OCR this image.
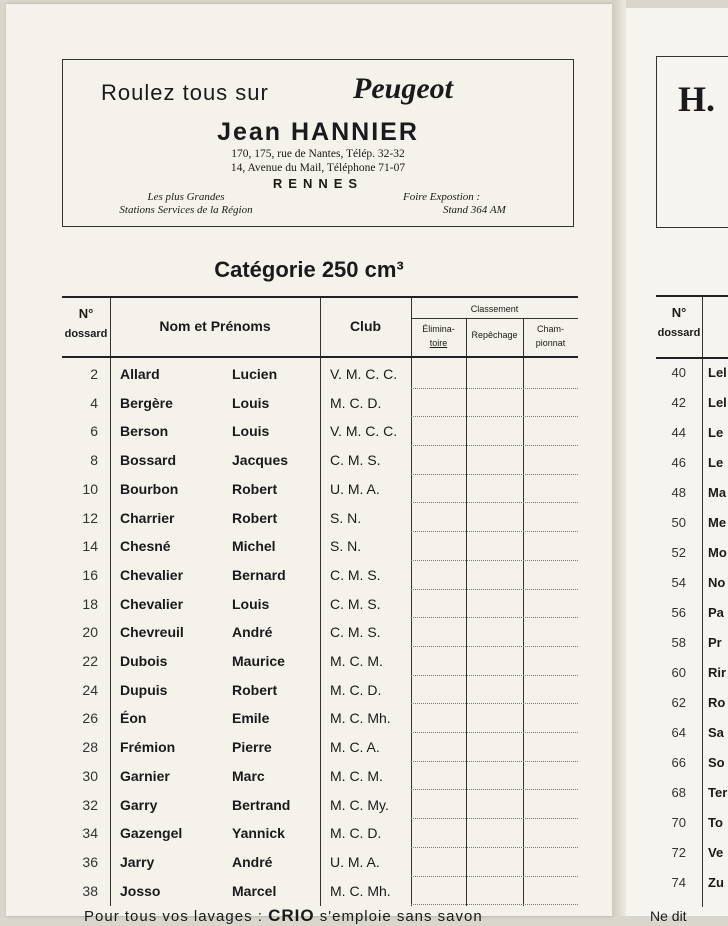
Roulez tous sur	Peugeot
Jean HANNIER
170, 175, rue de Nantes, Télép. 32-32
14, Avenue du Mail, Téléphone 71-07
RENNES
Les plus Grandes
Stations Services de la Région
Foire Expostion :
Stand 364 AM
Catégorie 250 cm³
N°
dossard	Nom et Prénoms	Club
Classement
Élimina-
toire
Repêchage
Cham-
pionnat
2 Allard	Lucien	V. M. C. C.
4 Bergère	Louis	M. C. D.
6 Berson	Louis	V. M. C. C.
8 Bossard	Jacques	C. M. S.
10 Bourbon	Robert	U. M. A.
12 Charrier	Robert	S. N.
14 Chesné	Michel	S. N.
16 Chevalier	Bernard	C. M. S.
18 Chevalier	Louis	C. M. S.
20 Chevreuil	André	C. M. S.
22 Dubois	Maurice	M. C. M.
24 Dupuis	Robert	M. C. D.
26 Éon	Emile	M. C. Mh.
28 Frémion	Pierre	M. C. A.
30 Garnier	Marc	M. C. M.
32 Garry	Bertrand	M. C. My.
34 Gazengel	Yannick	M. C. D.
36 Jarry	André	U. M. A.
38 Josso	Marcel	M. C. Mh.
Pour tous vos lavages : CRIO s'emploie sans savon
H.
N°
dossard
40 Lel
42 Lel
44 Le
46 Le
48 Ma
50 Me
52 Mo
54 No
56 Pa
58 Pr
60 Rir
62 Ro
64 Sa
66 So
68 Ter
70 To
72 Ve
74 Zu
Ne dit
